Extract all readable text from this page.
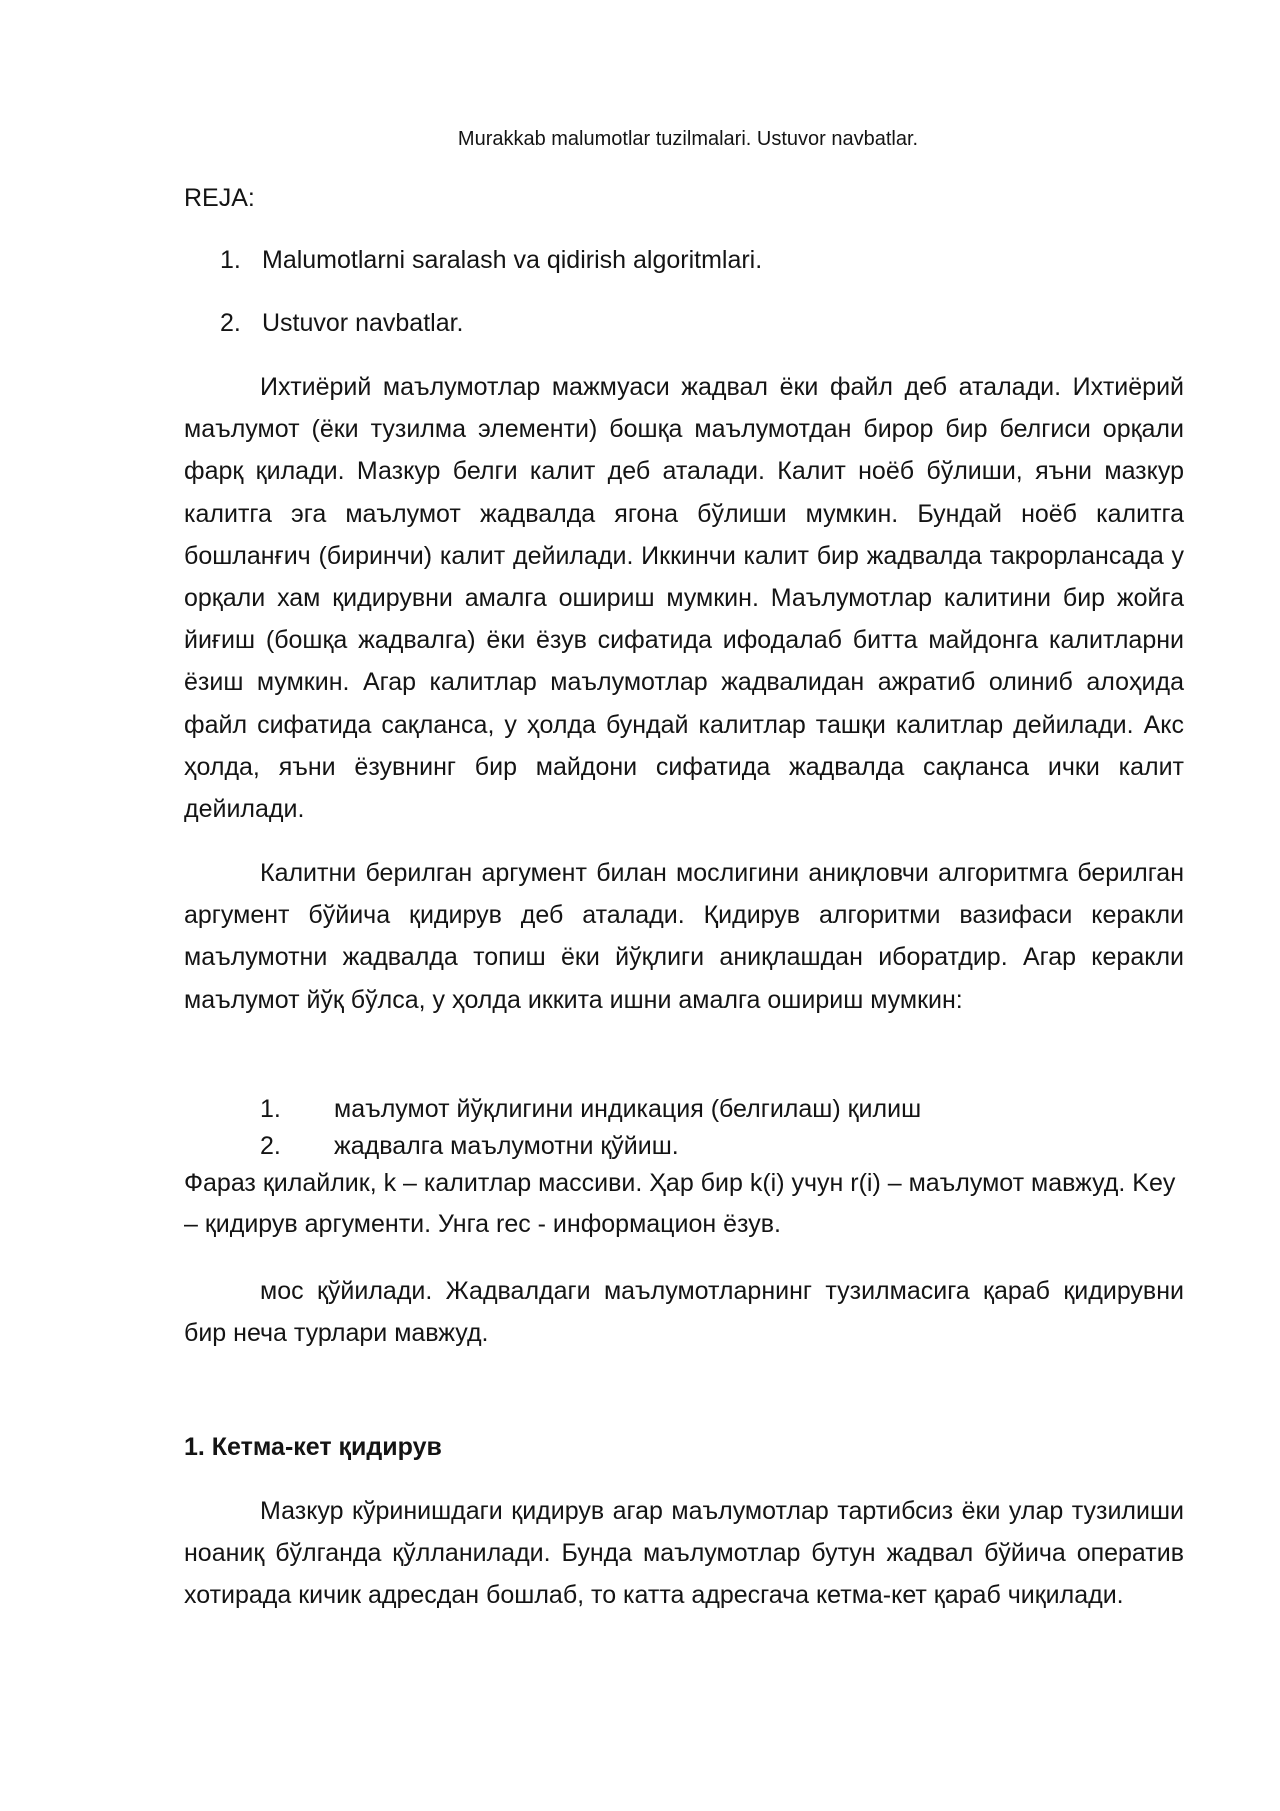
Murakkab malumotlar tuzilmalari. Ustuvor navbatlar.
REJA:
1. Malumotlarni saralash va qidirish algoritmlari.
2. Ustuvor navbatlar.

Ихтиёрий маълумотлар мажмуаси жадвал ёки файл деб аталади. Ихтиёрий маълумот (ёки тузилма элементи) бошқа маълумотдан бирор бир белгиси орқали фарқ қилади. Мазкур белги калит деб аталади. Калит ноёб бўлиши, яъни мазкур калитга эга маълумот жадвалда ягона бўлиши мумкин. Бундай ноёб калитга бошланғич (биринчи) калит дейилади. Иккинчи калит бир жадвалда такрорлансада у орқали хам қидирувни амалга ошириш мумкин. Маълумотлар калитини бир жойга йиғиш (бошқа жадвалга) ёки ёзув сифатида ифодалаб битта майдонга калитларни ёзиш мумкин. Агар калитлар маълумотлар жадвалидан ажратиб олиниб алоҳида файл сифатида сақланса, у ҳолда бундай калитлар ташқи калитлар дейилади. Акс ҳолда, яъни ёзувнинг бир майдони сифатида жадвалда сақланса ички калит дейилади.

Калитни берилган аргумент билан мослигини аниқловчи алгоритмга берилган аргумент бўйича қидирув деб аталади. Қидирув алгоритми вазифаси керакли маълумотни жадвалда топиш ёки йўқлиги аниқлашдан иборатдир. Агар керакли маълумот йўқ бўлса, у ҳолда иккита ишни амалга ошириш мумкин:

1. маълумот йўқлигини индикация (белгилаш) қилиш
2. жадвалга маълумотни қўйиш.

Фараз қилайлик, k – калитлар массиви. Ҳар бир k(i) учун r(i) – маълумот мавжуд. Key – қидирув аргументи. Унга rec - информацион ёзув.

мос қўйилади. Жадвалдаги маълумотларнинг тузилмасига қараб қидирувни бир неча турлари мавжуд.

1. Кетма-кет қидирув

Мазкур кўринишдаги қидирув агар маълумотлар тартибсиз ёки улар тузилиши ноаниқ бўлганда қўлланилади. Бунда маълумотлар бутун жадвал бўйича оператив хотирада кичик адресдан бошлаб, то катта адресгача кетма-кет қараб чиқилади.
